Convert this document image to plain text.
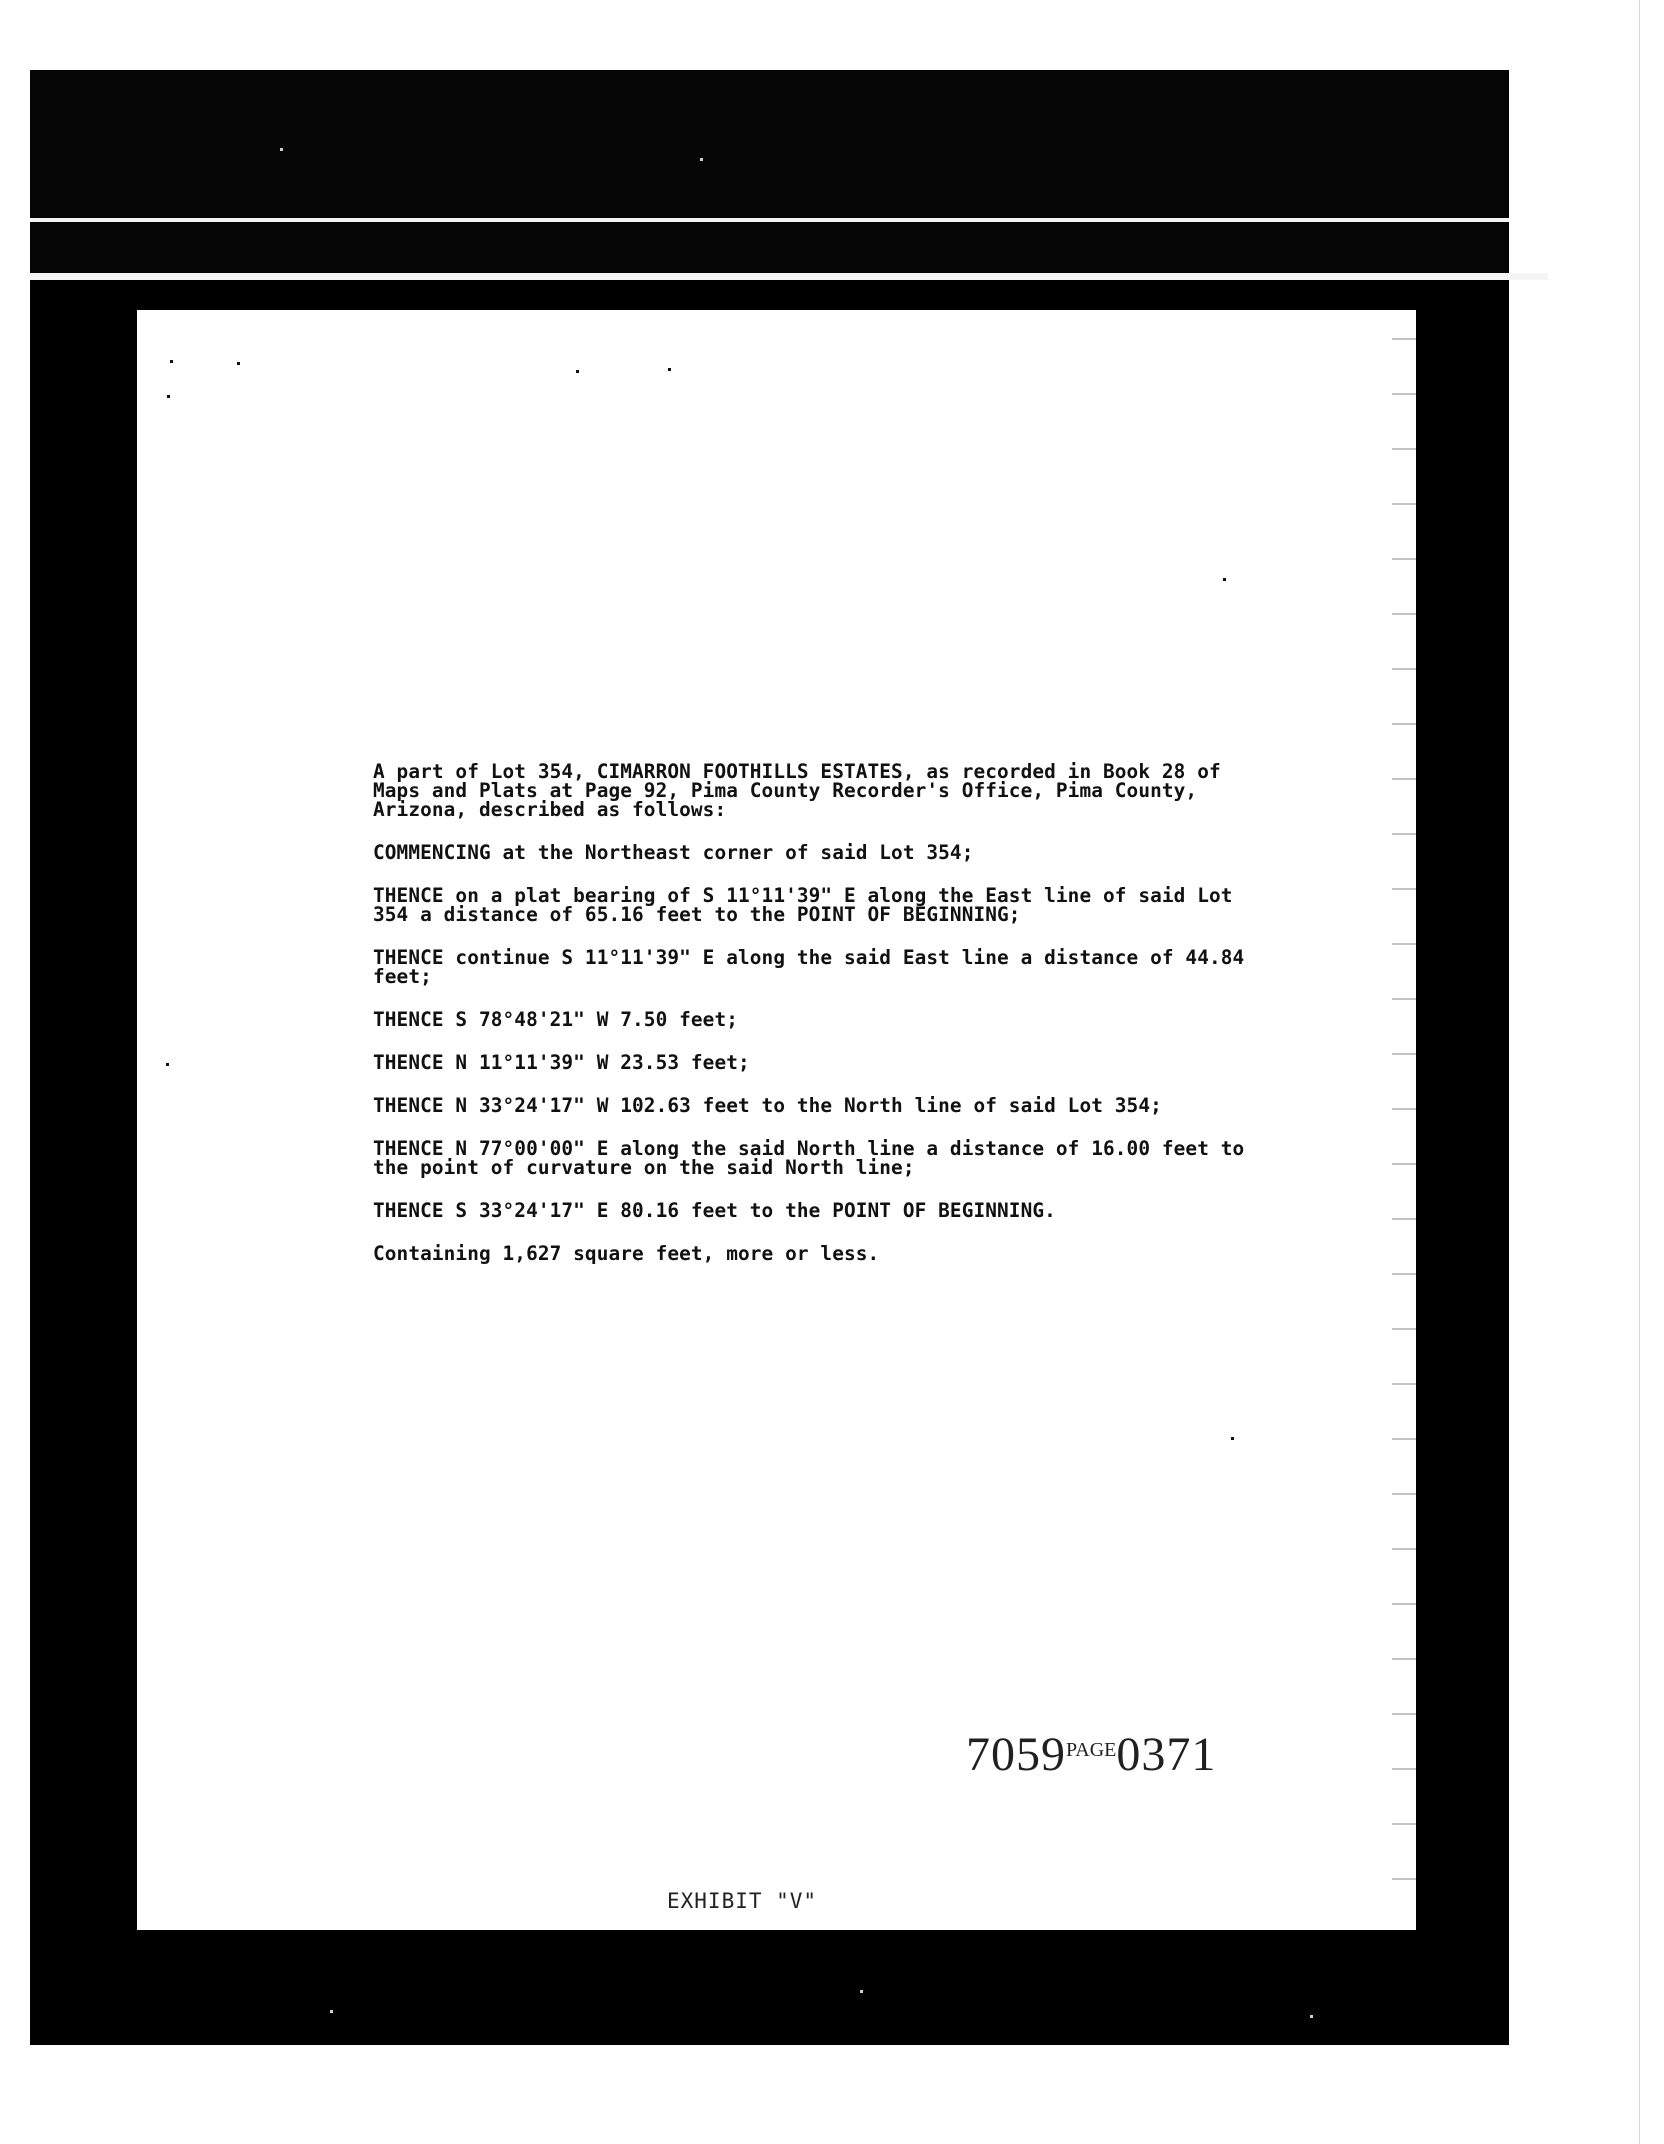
A part of Lot 354, CIMARRON FOOTHILLS ESTATES, as recorded in Book 28 of
Maps and Plats at Page 92, Pima County Recorder's Office, Pima County,
Arizona, described as follows:

COMMENCING at the Northeast corner of said Lot 354;

THENCE on a plat bearing of S 11°11'39" E along the East line of said Lot
354 a distance of 65.16 feet to the POINT OF BEGINNING;

THENCE continue S 11°11'39" E along the said East line a distance of 44.84
feet;

THENCE S 78°48'21" W 7.50 feet;

THENCE N 11°11'39" W 23.53 feet;

THENCE N 33°24'17" W 102.63 feet to the North line of said Lot 354;

THENCE N 77°00'00" E along the said North line a distance of 16.00 feet to
the point of curvature on the said North line;

THENCE S 33°24'17" E 80.16 feet to the POINT OF BEGINNING.

Containing 1,627 square feet, more or less.

$7059^{PAGE}0371$
EXHIBIT "V"
